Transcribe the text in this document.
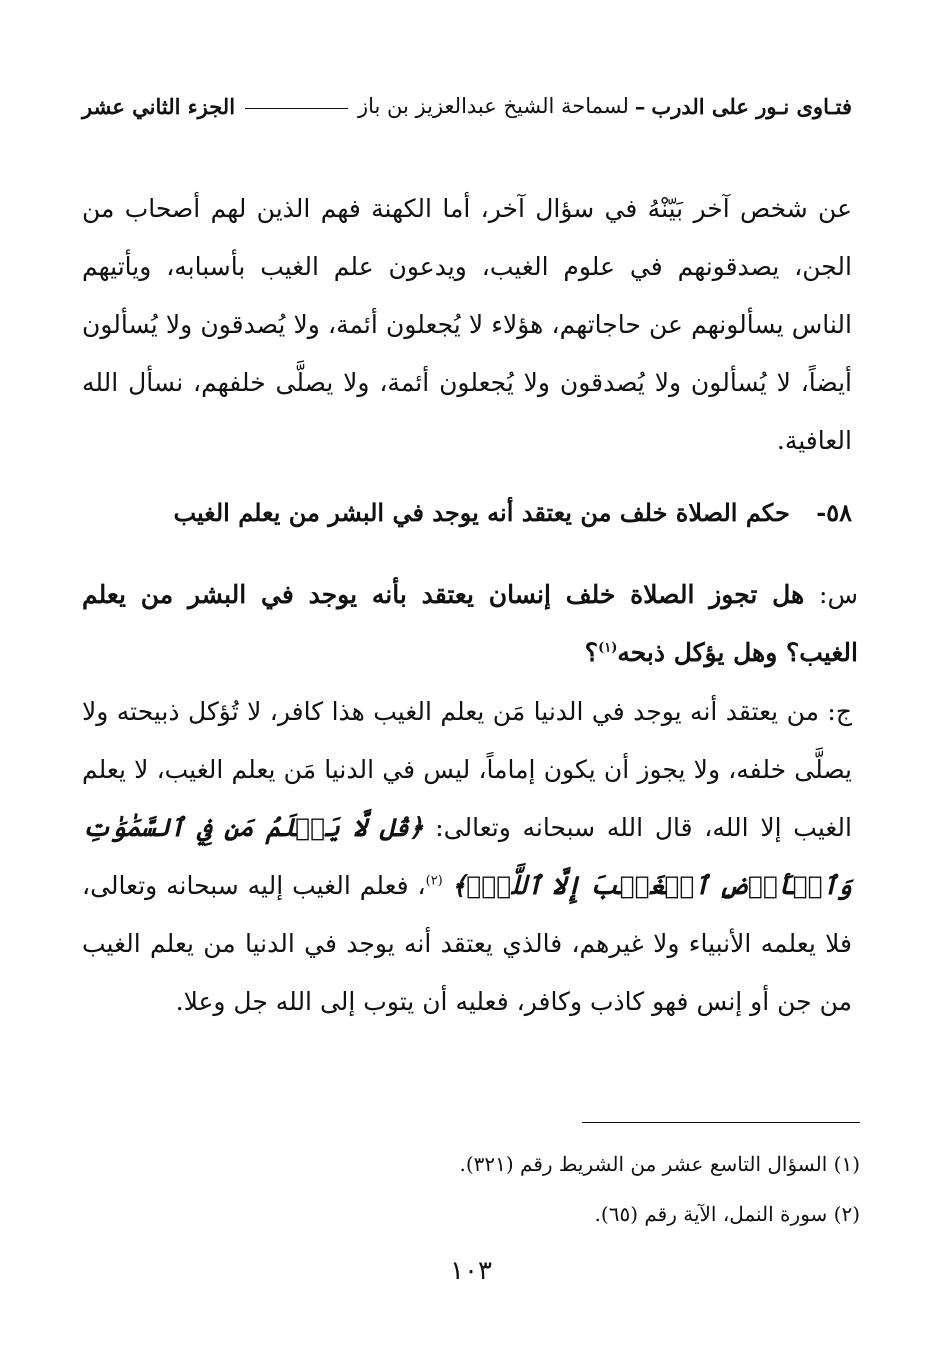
فتـاوى نـور على الدرب
–
لسماحة الشيخ عبدالعزيز بن باز
الجزء الثاني عشر
عن شخص آخر بَيّنْهُ في سؤال آخر، أما الكهنة فهم الذين لهم أصحاب من الجن، يصدقونهم في علوم الغيب، ويدعون علم الغيب بأسبابه، ويأتيهم الناس يسألونهم عن حاجاتهم، هؤلاء لا يُجعلون أئمة، ولا يُصدقون ولا يُسألون أيضاً، لا يُسألون ولا يُصدقون ولا يُجعلون أئمة، ولا يصلَّى خلفهم، نسأل الله العافية.
٥٨- حكم الصلاة خلف من يعتقد أنه يوجد في البشر من يعلم الغيب
س: هل تجوز الصلاة خلف إنسان يعتقد بأنه يوجد في البشر من يعلم الغيب؟ وهل يؤكل ذبحه$^{(١)}$؟
ج: من يعتقد أنه يوجد في الدنيا مَن يعلم الغيب هذا كافر، لا تُؤكل ذبيحته ولا يصلَّى خلفه، ولا يجوز أن يكون إماماً، ليس في الدنيا مَن يعلم الغيب، لا يعلم الغيب إلا الله، قال الله سبحانه وتعالى: ﴿قُل لَّا يَعۡلَمُ مَن فِي ٱلسَّمَٰوَٰتِ وَٱلۡأَرۡضِ ٱلۡغَيۡبَ إِلَّا ٱللَّهُۚ﴾ $^{(٢)}$، فعلم الغيب إليه سبحانه وتعالى، فلا يعلمه الأنبياء ولا غيرهم، فالذي يعتقد أنه يوجد في الدنيا من يعلم الغيب من جن أو إنس فهو كاذب وكافر، فعليه أن يتوب إلى الله جل وعلا.
(١) السؤال التاسع عشر من الشريط رقم (٣٢١).
(٢) سورة النمل، الآية رقم (٦٥).
١٠٣
